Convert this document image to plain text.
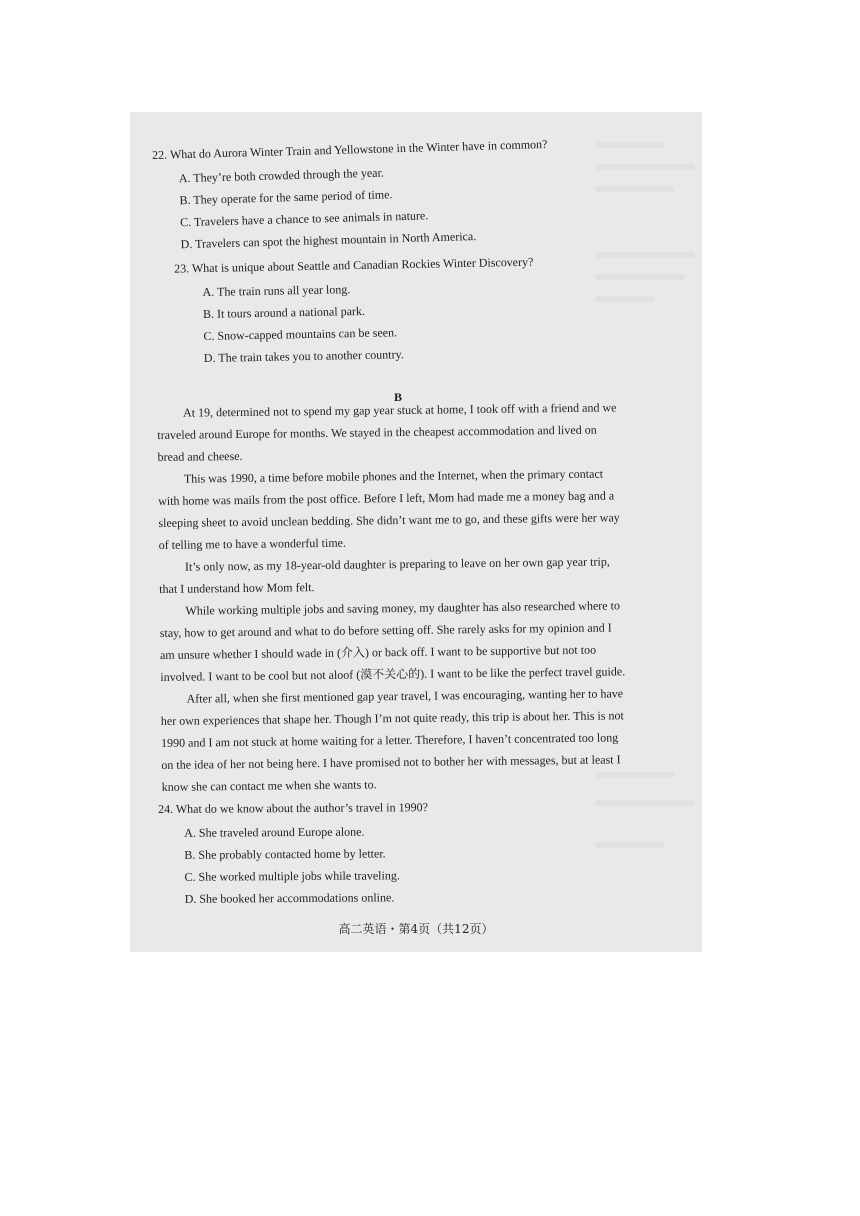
22. What do Aurora Winter Train and Yellowstone in the Winter have in common?
A. They’re both crowded through the year.
B. They operate for the same period of time.
C. Travelers have a chance to see animals in nature.
D. Travelers can spot the highest mountain in North America.
23. What is unique about Seattle and Canadian Rockies Winter Discovery?
A. The train runs all year long.
B. It tours around a national park.
C. Snow-capped mountains can be seen.
D. The train takes you to another country.
B
At 19, determined not to spend my gap year stuck at home, I took off with a friend and we
traveled around Europe for months. We stayed in the cheapest accommodation and lived on
bread and cheese.
This was 1990, a time before mobile phones and the Internet, when the primary contact
with home was mails from the post office. Before I left, Mom had made me a money bag and a
sleeping sheet to avoid unclean bedding. She didn’t want me to go, and these gifts were her way
of telling me to have a wonderful time.
It’s only now, as my 18-year-old daughter is preparing to leave on her own gap year trip,
that I understand how Mom felt.
While working multiple jobs and saving money, my daughter has also researched where to
stay, how to get around and what to do before setting off. She rarely asks for my opinion and I
am unsure whether I should wade in (介入) or back off. I want to be supportive but not too
involved. I want to be cool but not aloof (漠不关心的). I want to be like the perfect travel guide.
After all, when she first mentioned gap year travel, I was encouraging, wanting her to have
her own experiences that shape her. Though I’m not quite ready, this trip is about her. This is not
1990 and I am not stuck at home waiting for a letter. Therefore, I haven’t concentrated too long
on the idea of her not being here. I have promised not to bother her with messages, but at least I
know she can contact me when she wants to.
24. What do we know about the author’s travel in 1990?
A. She traveled around Europe alone.
B. She probably contacted home by letter.
C. She worked multiple jobs while traveling.
D. She booked her accommodations online.
高二英语・第4页（共12页）
